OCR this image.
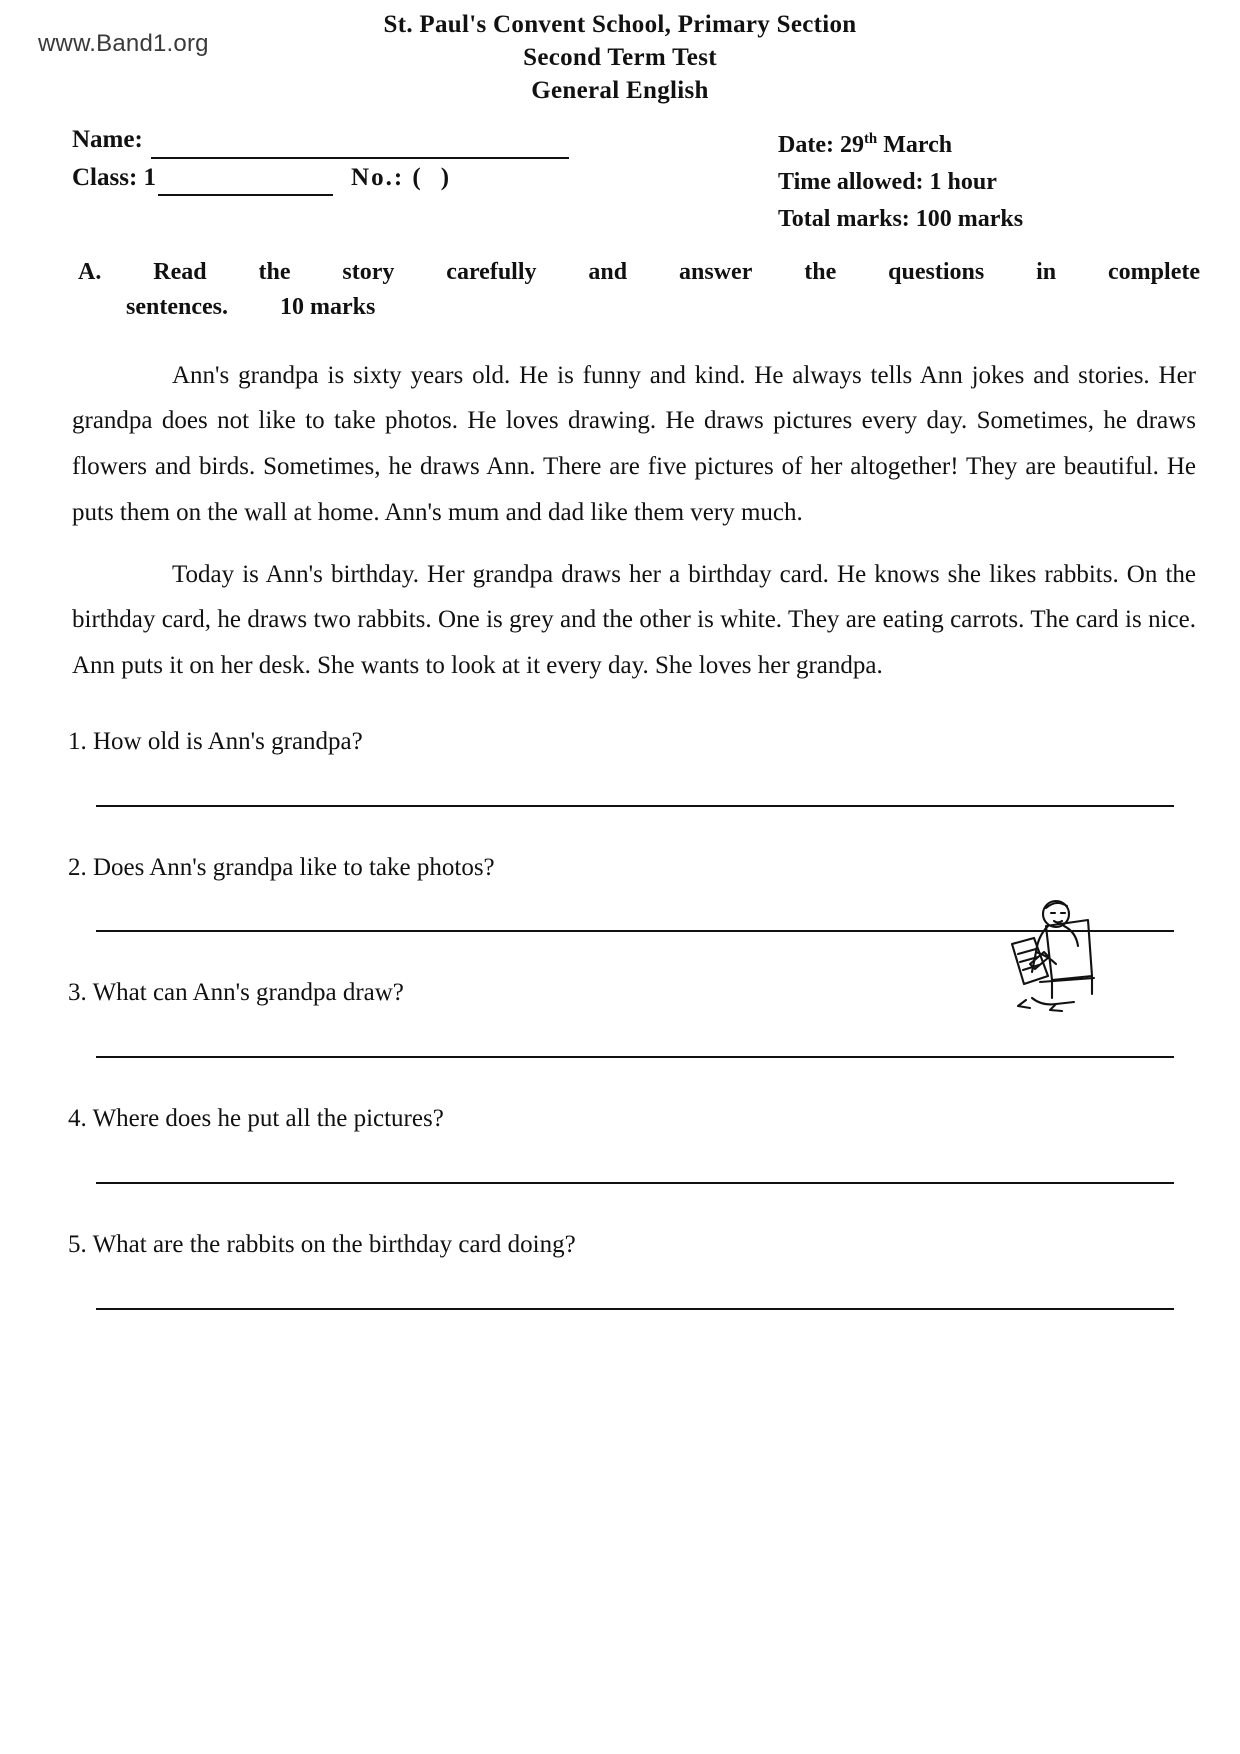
www.Band1.org
St. Paul's Convent School, Primary Section
Second Term Test
General English
Name:
Class: 1	No.: ( )
Date: 29th March
Time allowed: 1 hour
Total marks: 100 marks
A. Read the story carefully and answer the questions in complete
sentences. 10 marks

Ann's grandpa is sixty years old. He is funny and kind. He always tells Ann jokes and stories. Her grandpa does not like to take photos. He loves drawing. He draws pictures every day. Sometimes, he draws flowers and birds. Sometimes, he draws Ann. There are five pictures of her altogether! They are beautiful. He puts them on the wall at home. Ann's mum and dad like them very much.

Today is Ann's birthday. Her grandpa draws her a birthday card. He knows she likes rabbits. On the birthday card, he draws two rabbits. One is grey and the other is white. They are eating carrots. The card is nice. Ann puts it on her desk. She wants to look at it every day. She loves her grandpa.

1. How old is Ann's grandpa?
2. Does Ann's grandpa like to take photos?
3. What can Ann's grandpa draw?
4. Where does he put all the pictures?
5. What are the rabbits on the birthday card doing?
